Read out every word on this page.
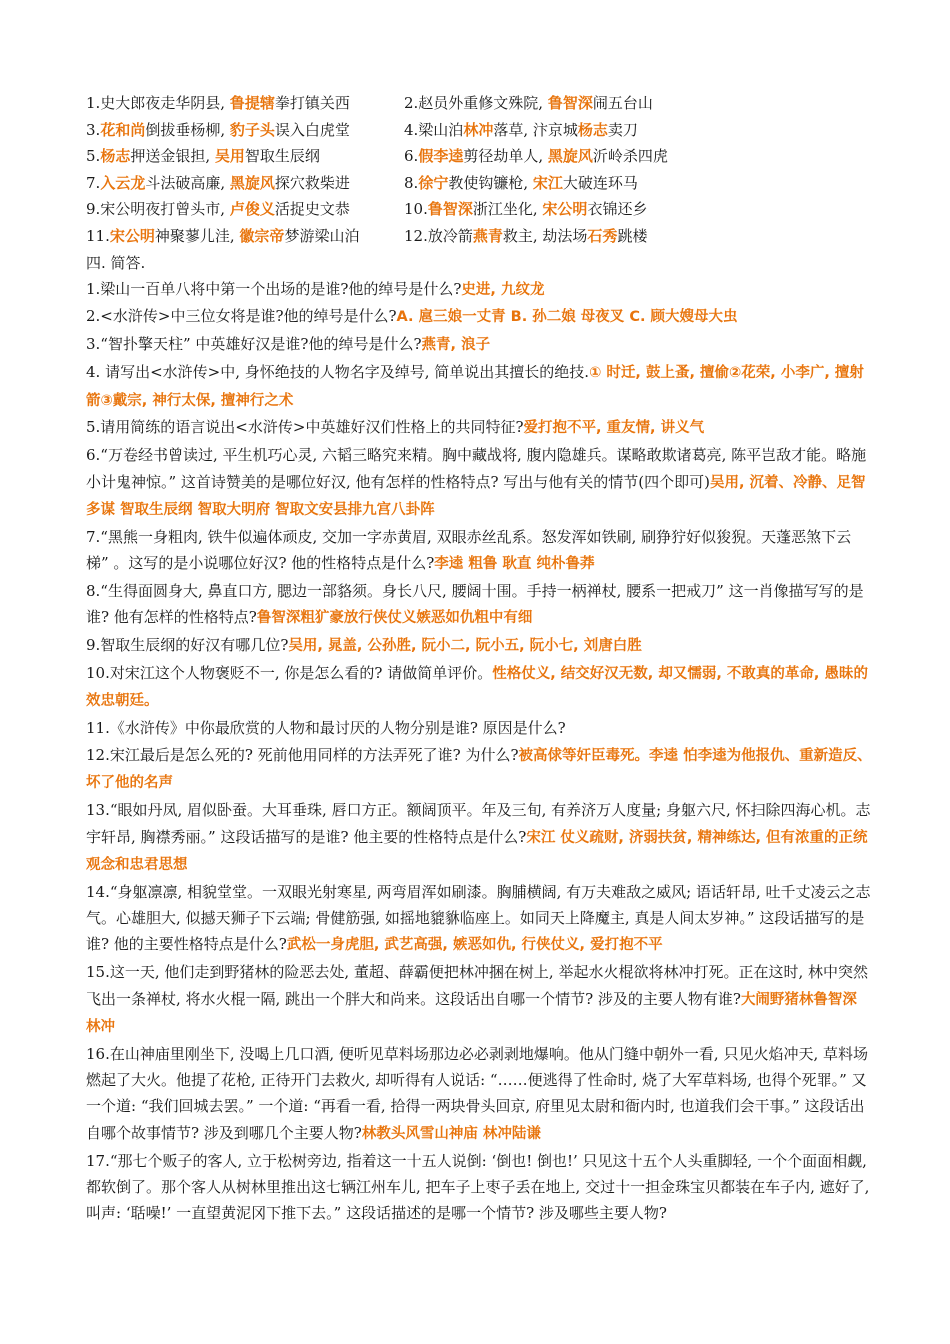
1.史大郎夜走华阴县, 鲁提辖拳打镇关西	2.赵员外重修文殊院, 鲁智深闹五台山
3.花和尚倒拔垂杨柳, 豹子头误入白虎堂	4.梁山泊林冲落草, 汴京城杨志卖刀
5.杨志押送金银担, 吴用智取生辰纲	6.假李逵剪径劫单人, 黑旋风沂岭杀四虎
7.入云龙斗法破高廉, 黑旋风探穴救柴进	8.徐宁教使钩镰枪, 宋江大破连环马
9.宋公明夜打曾头市, 卢俊义活捉史文恭	10.鲁智深浙江坐化, 宋公明衣锦还乡
11.宋公明神聚蓼儿洼, 徽宗帝梦游梁山泊	12.放冷箭燕青救主, 劫法场石秀跳楼
四. 简答.
1.梁山一百单八将中第一个出场的是谁?他的绰号是什么?史进, 九纹龙
2.<水浒传>中三位女将是谁?他的绰号是什么?A. 扈三娘一丈青 B. 孙二娘 母夜叉 C. 顾大嫂母大虫
3.“智扑擎天柱” 中英雄好汉是谁?他的绰号是什么?燕青, 浪子
4. 请写出<水浒传>中, 身怀绝技的人物名字及绰号, 简单说出其擅长的绝技.① 时迁, 鼓上蚤, 擅偷②花荣, 小李广, 擅射箭③戴宗, 神行太保, 擅神行之术
5.请用简练的语言说出<水浒传>中英雄好汉们性格上的共同特征?爱打抱不平, 重友情, 讲义气
6.“万卷经书曾读过, 平生机巧心灵, 六韬三略究来精。胸中藏战将, 腹内隐雄兵。谋略敢欺诸葛亮, 陈平岂敌才能。略施小计鬼神惊。” 这首诗赞美的是哪位好汉, 他有怎样的性格特点? 写出与他有关的情节(四个即可)吴用, 沉着、冷静、足智多谋 智取生辰纲 智取大明府 智取文安县排九宫八卦阵
7.“黑熊一身粗肉, 铁牛似遍体顽皮, 交加一字赤黄眉, 双眼赤丝乱系。怒发浑如铁刷, 刷狰狞好似狻猊。天蓬恶煞下云梯” 。这写的是小说哪位好汉? 他的性格特点是什么?李逵 粗鲁 耿直 纯朴鲁莽
8.“生得面圆身大, 鼻直口方, 腮边一部貉须。身长八尺, 腰阔十围。手持一柄禅杖, 腰系一把戒刀” 这一肖像描写写的是谁? 他有怎样的性格特点?鲁智深粗犷豪放行侠仗义嫉恶如仇粗中有细
9.智取生辰纲的好汉有哪几位?吴用, 晁盖, 公孙胜, 阮小二, 阮小五, 阮小七, 刘唐白胜
10.对宋江这个人物褒贬不一, 你是怎么看的? 请做简单评价。性格仗义, 结交好汉无数, 却又懦弱, 不敢真的革命, 愚昧的效忠朝廷。
11.《水浒传》中你最欣赏的人物和最讨厌的人物分别是谁? 原因是什么?
12.宋江最后是怎么死的? 死前他用同样的方法弄死了谁? 为什么?被高俅等奸臣毒死。李逵 怕李逵为他报仇、重新造反、坏了他的名声
13.“眼如丹凤, 眉似卧蚕。大耳垂珠, 唇口方正。额阔顶平。年及三旬, 有养济万人度量; 身躯六尺, 怀扫除四海心机。志宇轩昂, 胸襟秀丽。” 这段话描写的是谁? 他主要的性格特点是什么?宋江 仗义疏财, 济弱扶贫, 精神练达, 但有浓重的正统观念和忠君思想
14.“身躯凛凛, 相貌堂堂。一双眼光射寒星, 两弯眉浑如刷漆。胸脯横阔, 有万夫难敌之威风; 语话轩昂, 吐千丈凌云之志气。心雄胆大, 似撼天狮子下云端; 骨健筋强, 如摇地貔貅临座上。如同天上降魔主, 真是人间太岁神。” 这段话描写的是谁? 他的主要性格特点是什么?武松一身虎胆, 武艺高强, 嫉恶如仇, 行侠仗义, 爱打抱不平
15.这一天, 他们走到野猪林的险恶去处, 董超、薛霸便把林冲捆在树上, 举起水火棍欲将林冲打死。正在这时, 林中突然飞出一条禅杖, 将水火棍一隔, 跳出一个胖大和尚来。这段话出自哪一个情节? 涉及的主要人物有谁?大闹野猪林鲁智深 林冲
16.在山神庙里刚坐下, 没喝上几口酒, 便听见草料场那边必必剥剥地爆响。他从门缝中朝外一看, 只见火焰冲天, 草料场燃起了大火。他提了花枪, 正待开门去救火, 却听得有人说话: “……便逃得了性命时, 烧了大军草料场, 也得个死罪。” 又一个道: “我们回城去罢。” 一个道: “再看一看, 拾得一两块骨头回京, 府里见太尉和衙内时, 也道我们会干事。” 这段话出自哪个故事情节? 涉及到哪几个主要人物?林教头风雪山神庙 林冲陆谦
17.“那七个贩子的客人, 立于松树旁边, 指着这一十五人说倒: ‘倒也! 倒也!’ 只见这十五个人头重脚轻, 一个个面面相觑, 都软倒了。那个客人从树林里推出这七辆江州车儿, 把车子上枣子丢在地上, 交过十一担金珠宝贝都装在车子内, 遮好了, 叫声: ‘聒噪!’ 一直望黄泥冈下推下去。” 这段话描述的是哪一个情节? 涉及哪些主要人物?
